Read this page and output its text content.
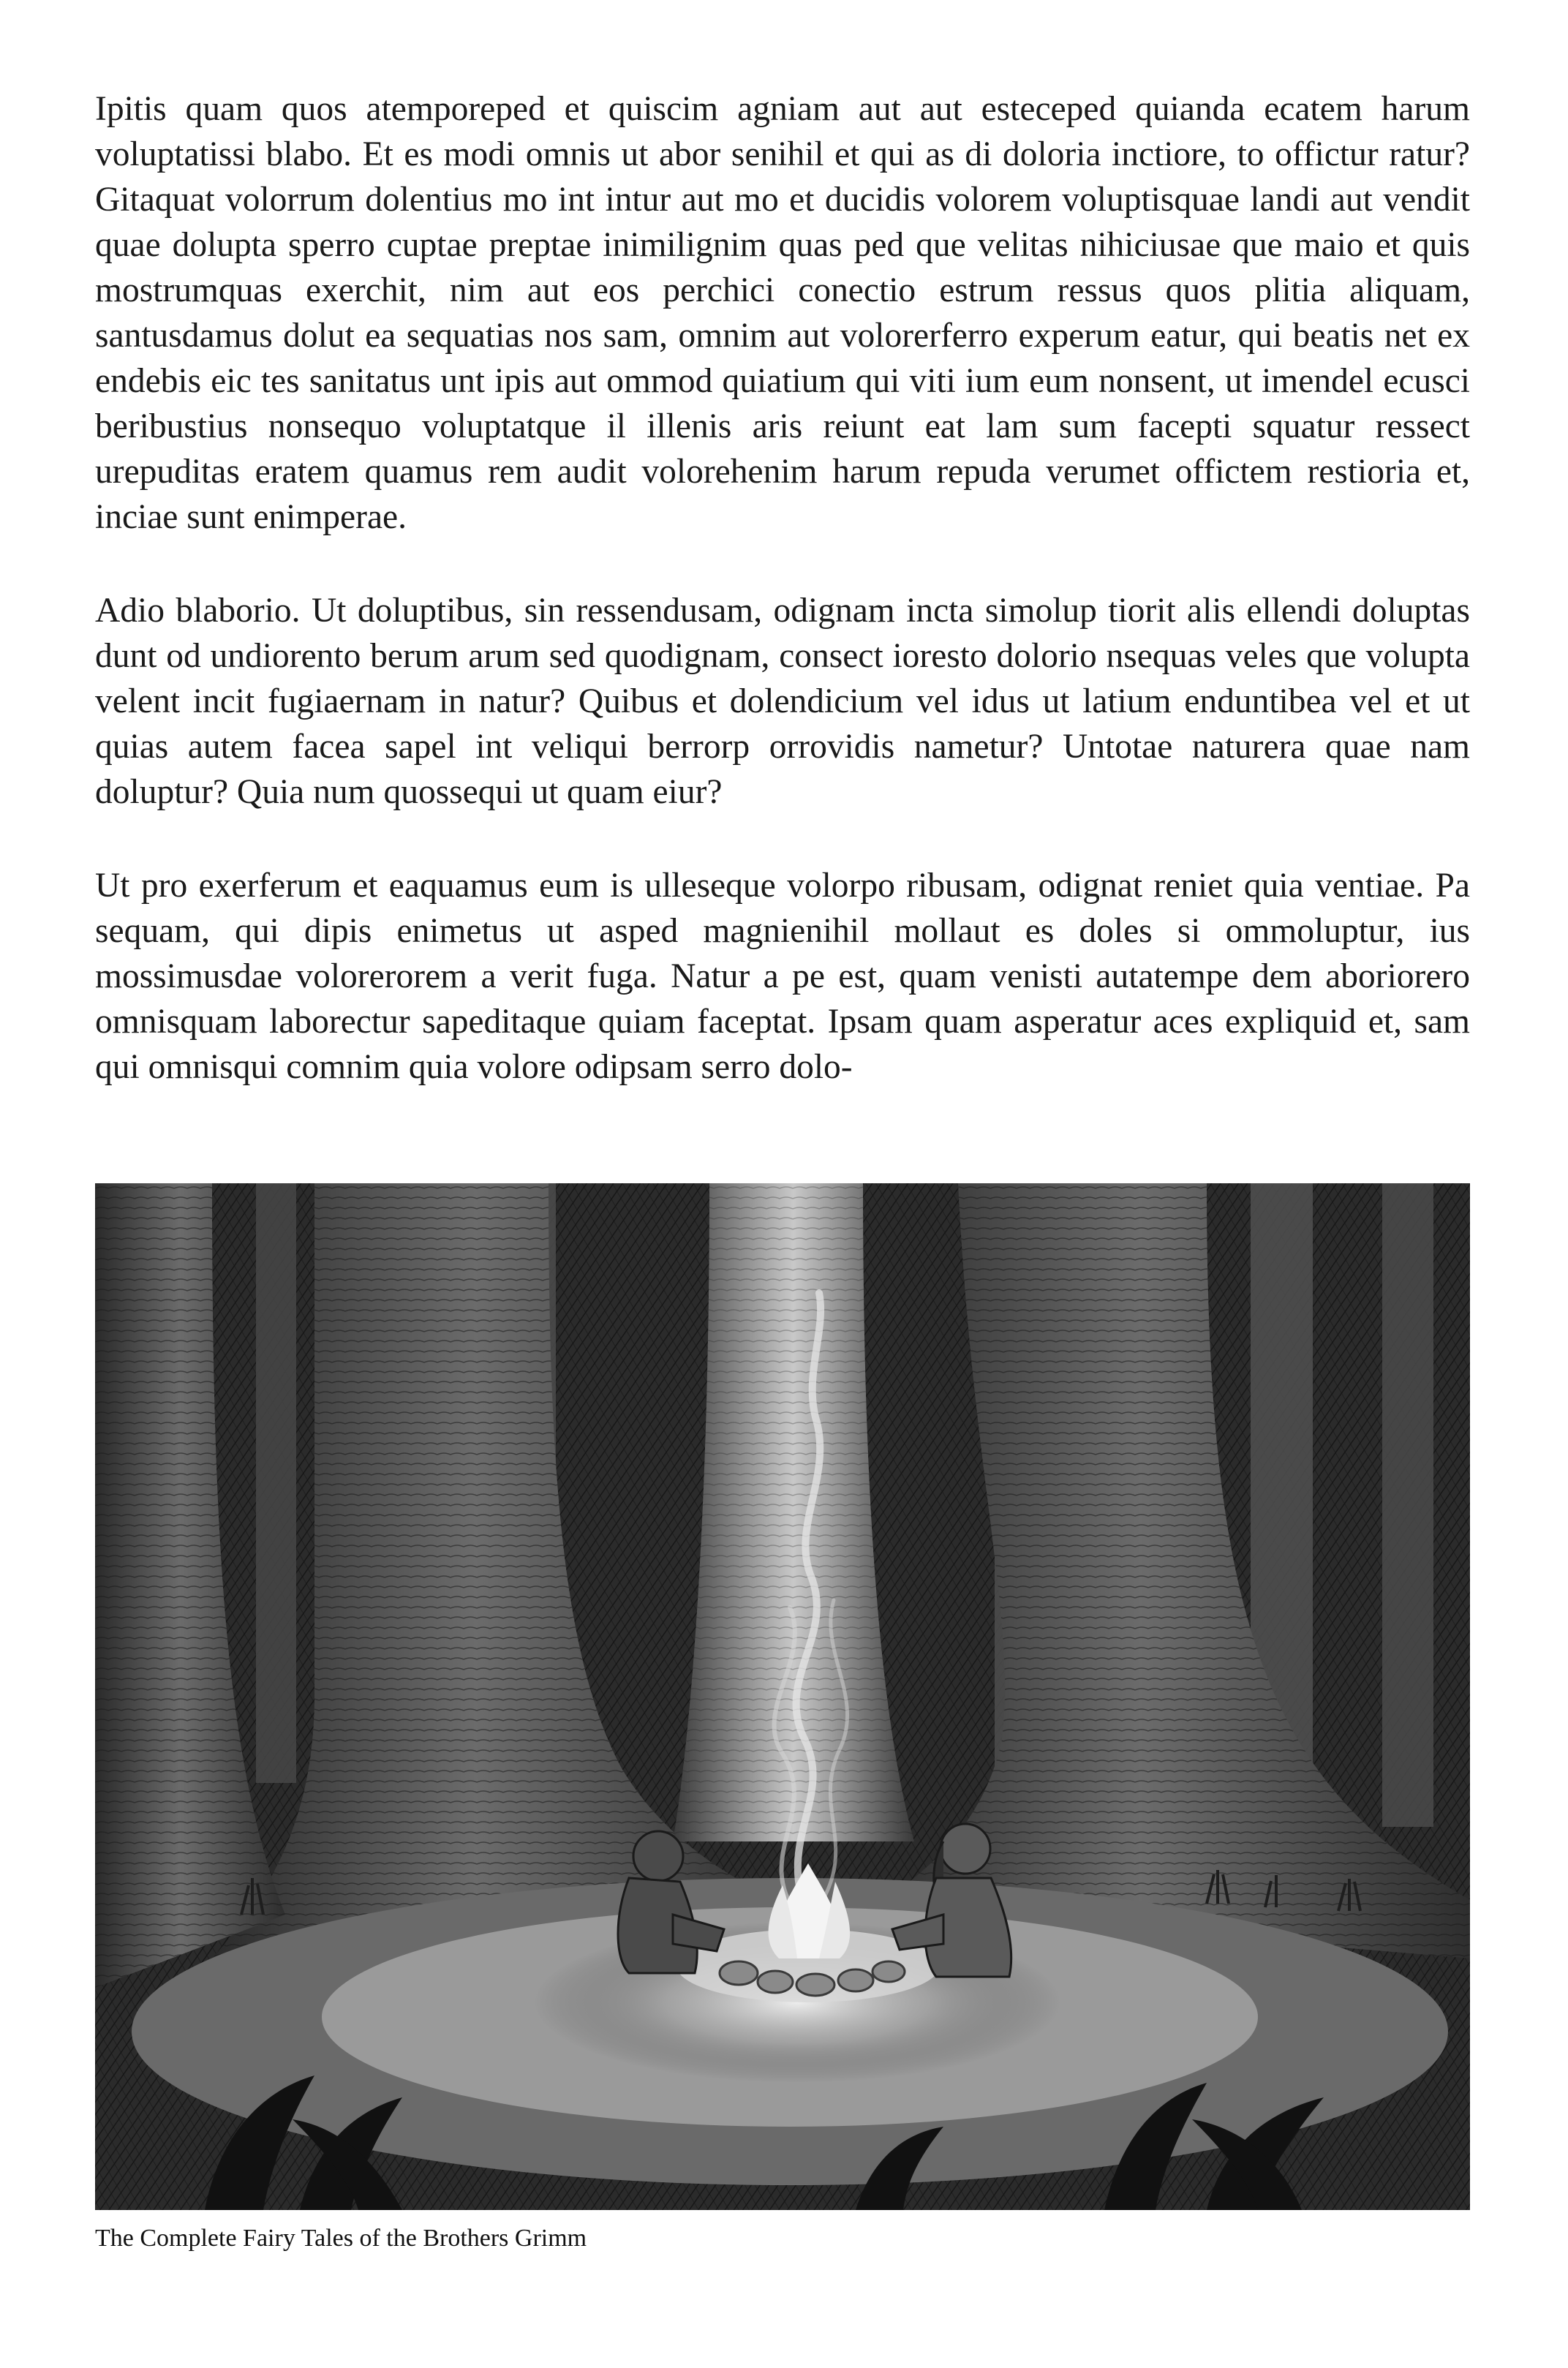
Ipitis quam quos atemporeped et quiscim agniam aut aut esteceped quianda ecatem harum voluptatissi blabo. Et es modi omnis ut abor senihil et qui as di doloria inctiore, to offictur ratur? Gitaquat volorrum dolentius mo int intur aut mo et ducidis volorem voluptisquae landi aut vendit quae dolupta sperro cuptae preptae inimilignim quas ped que velitas nihiciusae que maio et quis mostrumquas exerchit, nim aut eos perchici conectio estrum ressus quos plitia aliquam, santusdamus dolut ea sequatias nos sam, omnim aut volorerferro experum eatur, qui beatis net ex endebis eic tes sanitatus unt ipis aut ommod quiatium qui viti ium eum nonsent, ut imendel ecusci beribustius nonsequo voluptatque il illenis aris reiunt eat lam sum facepti squatur ressect urepuditas eratem quamus rem audit volorehenim harum repuda verumet offictem restioria et, inciae sunt enimperae.

Adio blaborio. Ut doluptibus, sin ressendusam, odignam incta simolup tiorit alis ellendi doluptas dunt od undiorento berum arum sed quodignam, consect ioresto dolorio nsequas veles que volupta velent incit fugiaernam in natur? Quibus et dolendicium vel idus ut latium enduntibea vel et ut quias autem facea sapel int veliqui berrorp orrovidis nametur? Untotae naturera quae nam doluptur? Quia num quossequi ut quam eiur?

Ut pro exerferum et eaquamus eum is ulleseque volorpo ribusam, odignat reniet quia ventiae. Pa sequam, qui dipis enimetus ut asped magnienihil mollaut es doles si ommoluptur, ius mossimusdae volorerorem a verit fuga. Natur a pe est, quam venisti autatempe dem aboriorero omnisquam laborectur sapeditaque quiam faceptat. Ipsam quam asperatur aces expliquid et, sam qui omnisqui comnim quia volore odipsam serro dolo-

The Complete Fairy Tales of the Brothers Grimm
